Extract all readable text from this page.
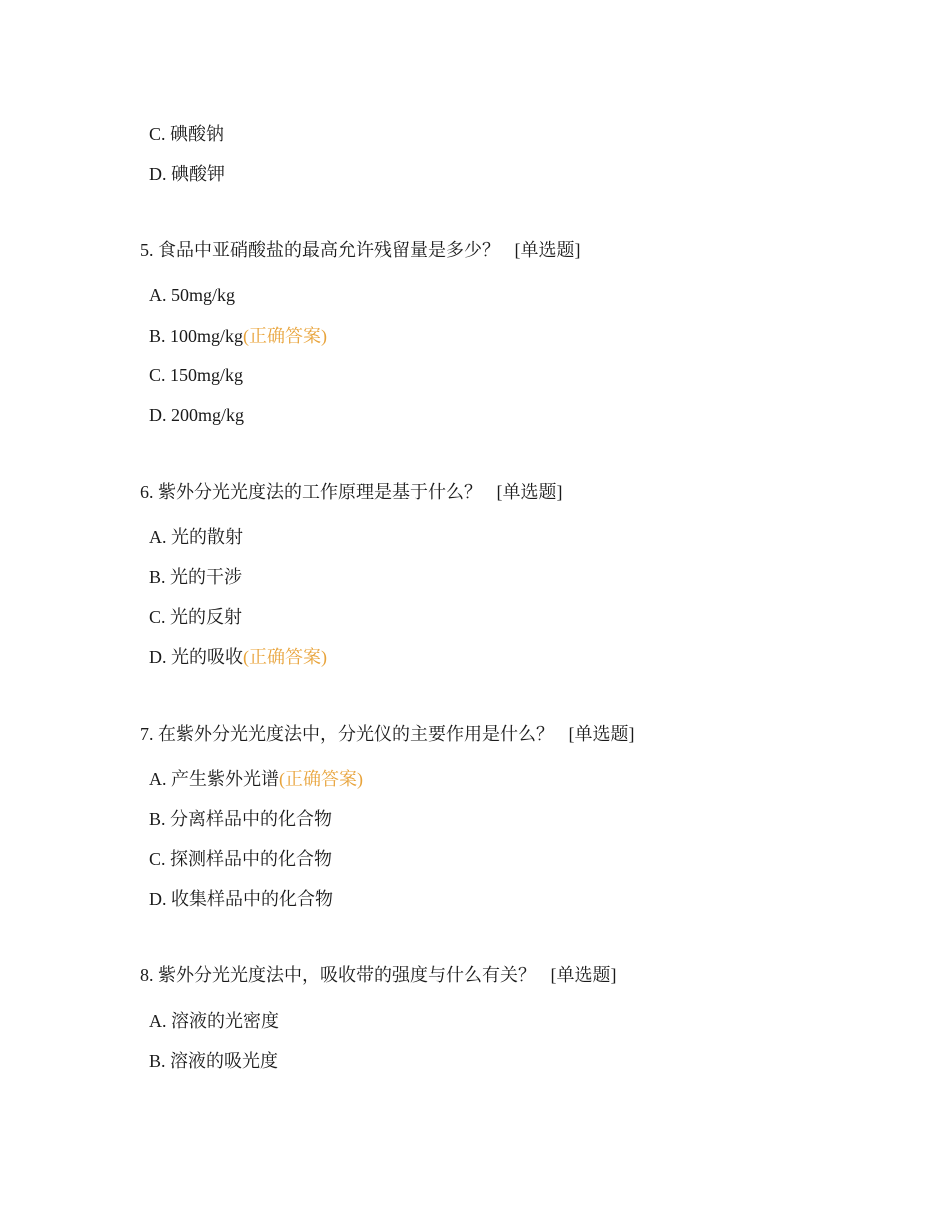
C. 碘酸钠
D. 碘酸钾
5. 食品中亚硝酸盐的最高允许残留量是多少？ [单选题]
A. 50mg/kg
B. 100mg/kg(正确答案)
C. 150mg/kg
D. 200mg/kg
6. 紫外分光光度法的工作原理是基于什么？ [单选题]
A. 光的散射
B. 光的干涉
C. 光的反射
D. 光的吸收(正确答案)
7. 在紫外分光光度法中，分光仪的主要作用是什么？ [单选题]
A. 产生紫外光谱(正确答案)
B. 分离样品中的化合物
C. 探测样品中的化合物
D. 收集样品中的化合物
8. 紫外分光光度法中，吸收带的强度与什么有关？ [单选题]
A. 溶液的光密度
B. 溶液的吸光度
